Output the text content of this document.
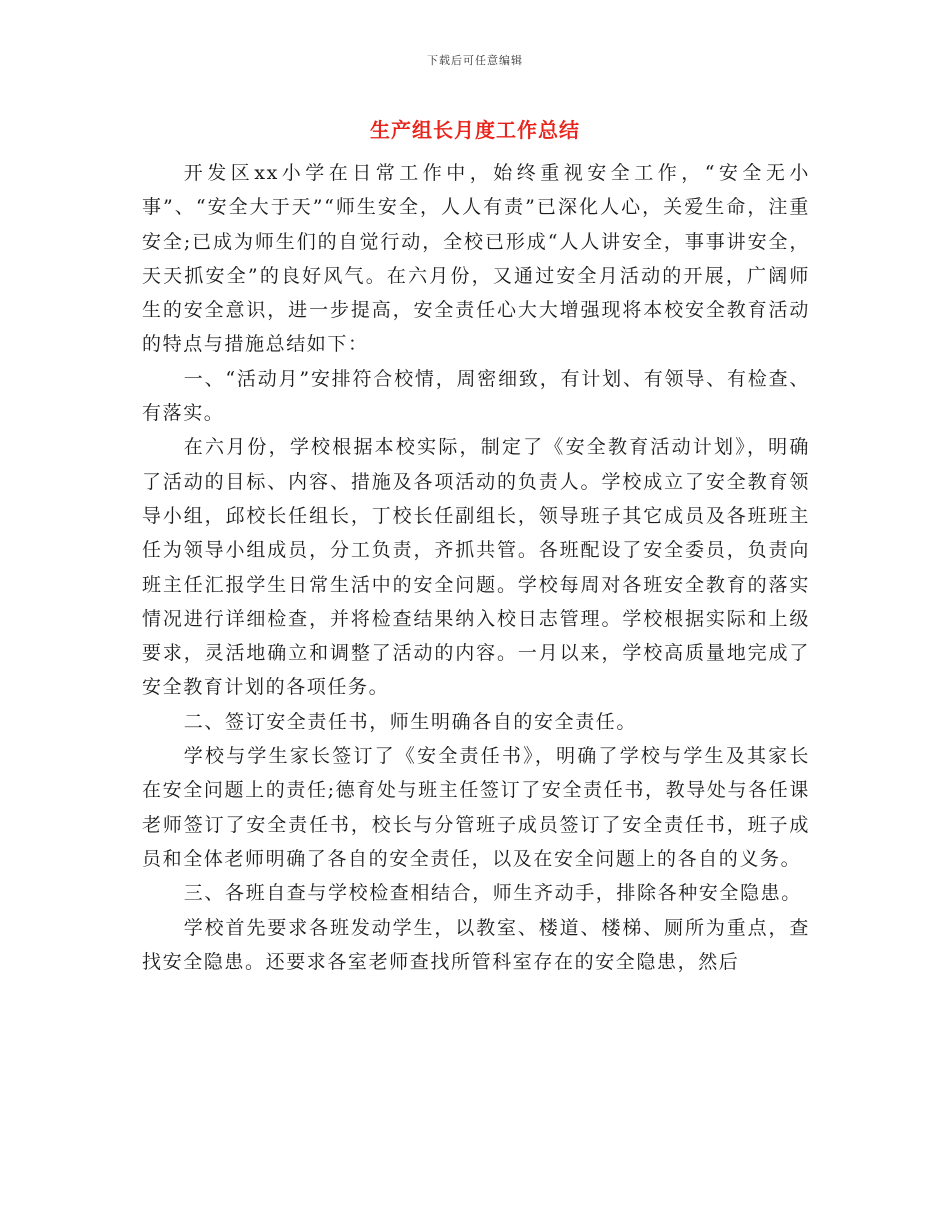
下载后可任意编辑
生产组长月度工作总结

开发区xx小学在日常工作中，始终重视安全工作，“安全无小事”、“安全大于天”“师生安全，人人有责”已深化人心，关爱生命，注重安全;已成为师生们的自觉行动，全校已形成“人人讲安全，事事讲安全，天天抓安全”的良好风气。在六月份，又通过安全月活动的开展，广阔师生的安全意识，进一步提高，安全责任心大大增强现将本校安全教育活动的特点与措施总结如下：

一、“活动月”安排符合校情，周密细致，有计划、有领导、有检查、有落实。

在六月份，学校根据本校实际，制定了《安全教育活动计划》，明确了活动的目标、内容、措施及各项活动的负责人。学校成立了安全教育领导小组，邱校长任组长，丁校长任副组长，领导班子其它成员及各班班主任为领导小组成员，分工负责，齐抓共管。各班配设了安全委员，负责向班主任汇报学生日常生活中的安全问题。学校每周对各班安全教育的落实情况进行详细检查，并将检查结果纳入校日志管理。学校根据实际和上级要求，灵活地确立和调整了活动的内容。一月以来，学校高质量地完成了安全教育计划的各项任务。

二、签订安全责任书，师生明确各自的安全责任。

学校与学生家长签订了《安全责任书》，明确了学校与学生及其家长在安全问题上的责任;德育处与班主任签订了安全责任书，教导处与各任课老师签订了安全责任书，校长与分管班子成员签订了安全责任书，班子成员和全体老师明确了各自的安全责任，以及在安全问题上的各自的义务。

三、各班自查与学校检查相结合，师生齐动手，排除各种安全隐患。

学校首先要求各班发动学生，以教室、楼道、楼梯、厕所为重点，查找安全隐患。还要求各室老师查找所管科室存在的安全隐患，然后
